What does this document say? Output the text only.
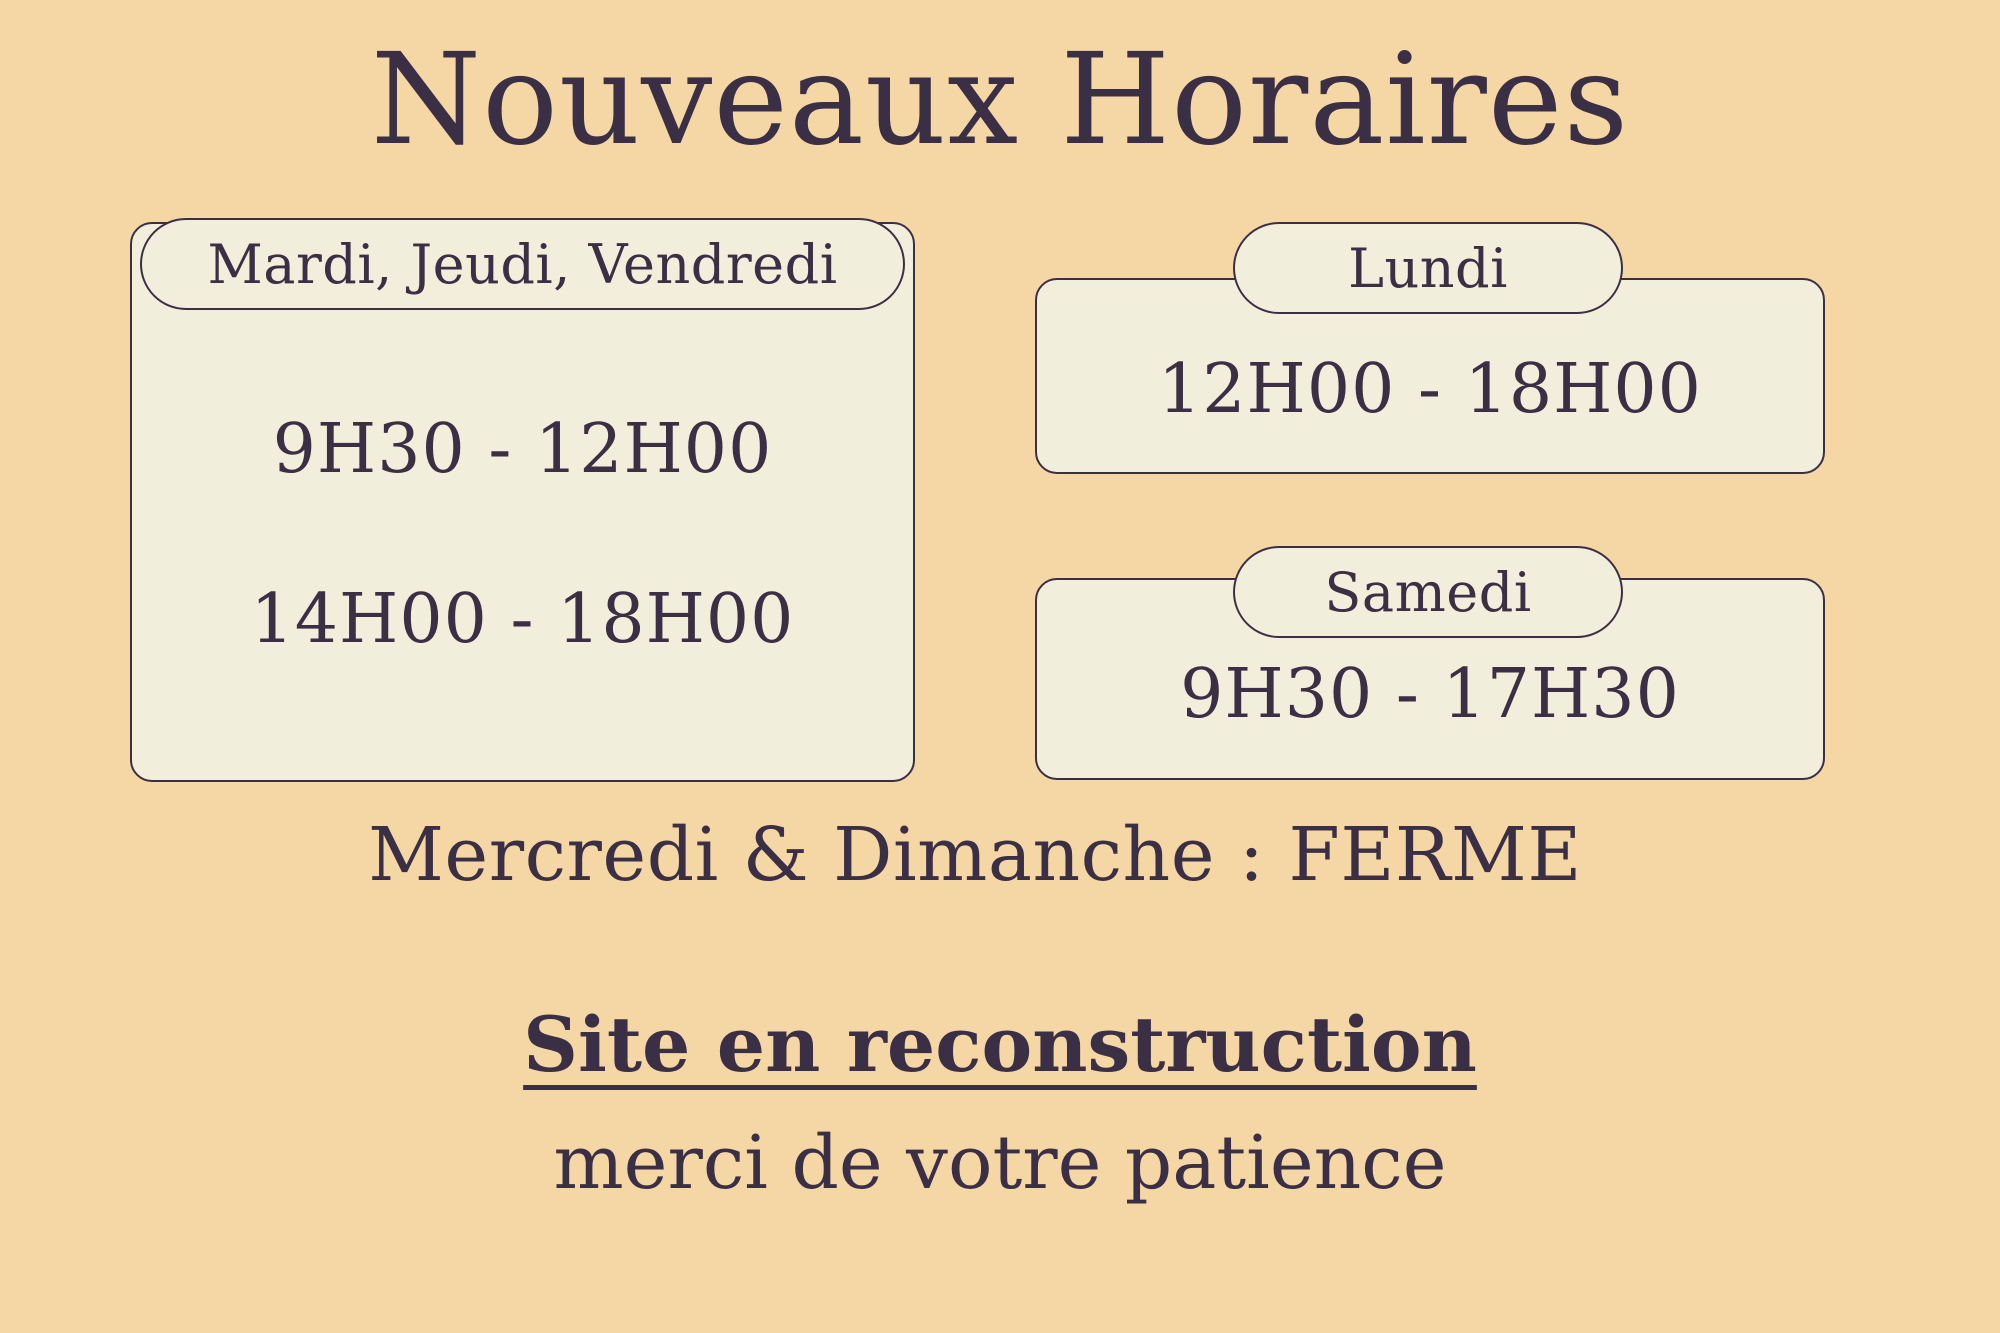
Nouveaux Horaires
Mardi, Jeudi, Vendredi
9H30 - 12H00
14H00 - 18H00
Lundi
12H00 - 18H00
Samedi
9H30 - 17H30
Mercredi & Dimanche : FERME
Site en reconstruction
merci de votre patience
